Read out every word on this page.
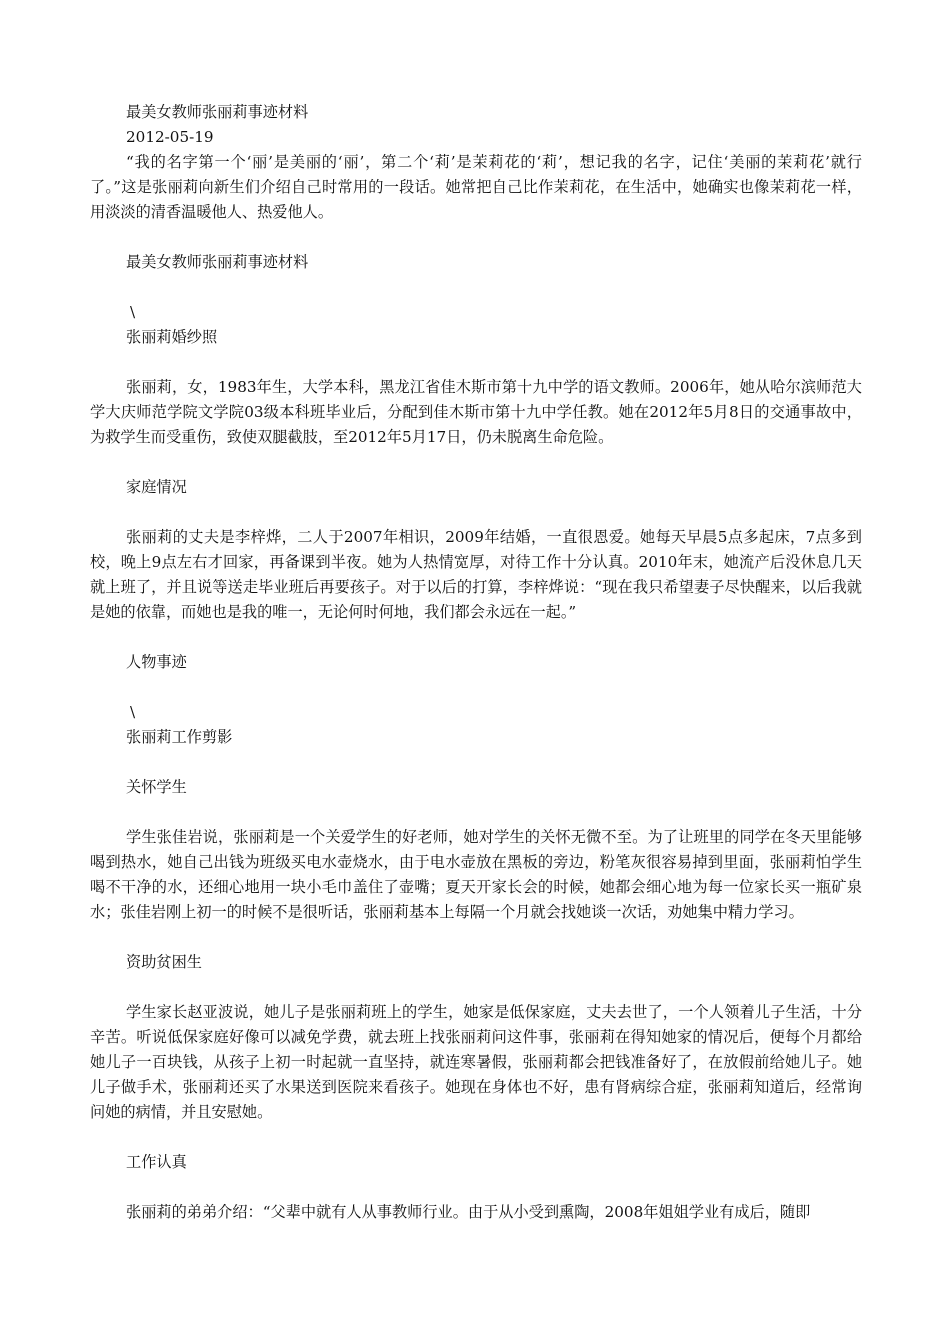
最美女教师张丽莉事迹材料

2012-05-19

“我的名字第一个‘丽’是美丽的‘丽’，第二个‘莉’是茉莉花的‘莉’，想记我的名字，记住‘美丽的茉莉花’就行了。”这是张丽莉向新生们介绍自己时常用的一段话。她常把自己比作茉莉花，在生活中，她确实也像茉莉花一样，用淡淡的清香温暖他人、热爱他人。

最美女教师张丽莉事迹材料

\

张丽莉婚纱照

张丽莉，女，1983年生，大学本科，黑龙江省佳木斯市第十九中学的语文教师。2006年，她从哈尔滨师范大学大庆师范学院文学院03级本科班毕业后，分配到佳木斯市第十九中学任教。她在2012年5月8日的交通事故中，为救学生而受重伤，致使双腿截肢，至2012年5月17日，仍未脱离生命危险。

家庭情况

张丽莉的丈夫是李梓烨，二人于2007年相识，2009年结婚，一直很恩爱。她每天早晨5点多起床，7点多到校，晚上9点左右才回家，再备课到半夜。她为人热情宽厚，对待工作十分认真。2010年末，她流产后没休息几天就上班了，并且说等送走毕业班后再要孩子。对于以后的打算，李梓烨说：“现在我只希望妻子尽快醒来，以后我就是她的依靠，而她也是我的唯一，无论何时何地，我们都会永远在一起。”

人物事迹

\

张丽莉工作剪影

关怀学生

学生张佳岩说，张丽莉是一个关爱学生的好老师，她对学生的关怀无微不至。为了让班里的同学在冬天里能够喝到热水，她自己出钱为班级买电水壶烧水，由于电水壶放在黑板的旁边，粉笔灰很容易掉到里面，张丽莉怕学生喝不干净的水，还细心地用一块小毛巾盖住了壶嘴；夏天开家长会的时候，她都会细心地为每一位家长买一瓶矿泉水；张佳岩刚上初一的时候不是很听话，张丽莉基本上每隔一个月就会找她谈一次话，劝她集中精力学习。

资助贫困生

学生家长赵亚波说，她儿子是张丽莉班上的学生，她家是低保家庭，丈夫去世了，一个人领着儿子生活，十分辛苦。听说低保家庭好像可以减免学费，就去班上找张丽莉问这件事，张丽莉在得知她家的情况后，便每个月都给她儿子一百块钱，从孩子上初一时起就一直坚持，就连寒暑假，张丽莉都会把钱准备好了，在放假前给她儿子。她儿子做手术，张丽莉还买了水果送到医院来看孩子。她现在身体也不好，患有肾病综合症，张丽莉知道后，经常询问她的病情，并且安慰她。

工作认真

张丽莉的弟弟介绍：“父辈中就有人从事教师行业。由于从小受到熏陶，2008年姐姐学业有成后，随即
